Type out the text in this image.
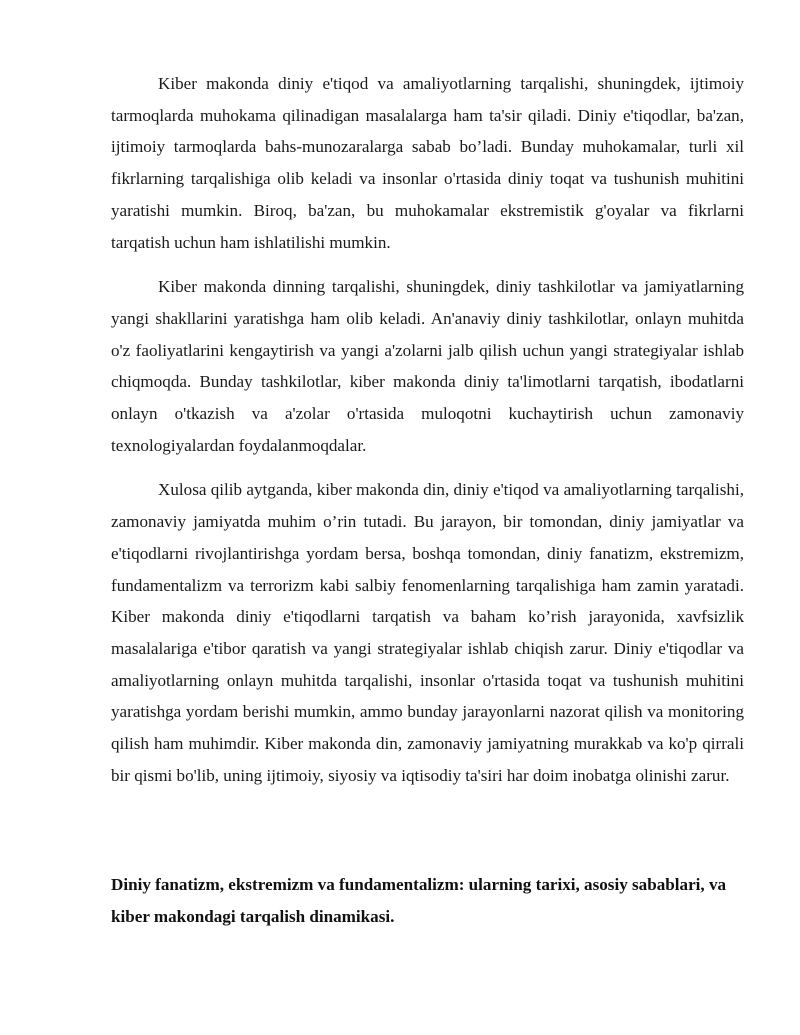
Kiber makonda diniy e'tiqod va amaliyotlarning tarqalishi, shuningdek, ijtimoiy tarmoqlarda muhokama qilinadigan masalalarga ham ta'sir qiladi. Diniy e'tiqodlar, ba'zan, ijtimoiy tarmoqlarda bahs-munozaralarga sabab bo’ladi. Bunday muhokamalar, turli xil fikrlarning tarqalishiga olib keladi va insonlar o'rtasida diniy toqat va tushunish muhitini yaratishi mumkin. Biroq, ba'zan, bu muhokamalar ekstremistik g'oyalar va fikrlarni tarqatish uchun ham ishlatilishi mumkin.

Kiber makonda dinning tarqalishi, shuningdek, diniy tashkilotlar va jamiyatlarning yangi shakllarini yaratishga ham olib keladi. An'anaviy diniy tashkilotlar, onlayn muhitda o'z faoliyatlarini kengaytirish va yangi a'zolarni jalb qilish uchun yangi strategiyalar ishlab chiqmoqda. Bunday tashkilotlar, kiber makonda diniy ta'limotlarni tarqatish, ibodatlarni onlayn o'tkazish va a'zolar o'rtasida muloqotni kuchaytirish uchun zamonaviy texnologiyalardan foydalanmoqdalar.

Xulosa qilib aytganda, kiber makonda din, diniy e'tiqod va amaliyotlarning tarqalishi, zamonaviy jamiyatda muhim o’rin tutadi. Bu jarayon, bir tomondan, diniy jamiyatlar va e'tiqodlarni rivojlantirishga yordam bersa, boshqa tomondan, diniy fanatizm, ekstremizm, fundamentalizm va terrorizm kabi salbiy fenomenlarning tarqalishiga ham zamin yaratadi. Kiber makonda diniy e'tiqodlarni tarqatish va baham ko’rish jarayonida, xavfsizlik masalalariga e'tibor qaratish va yangi strategiyalar ishlab chiqish zarur. Diniy e'tiqodlar va amaliyotlarning onlayn muhitda tarqalishi, insonlar o'rtasida toqat va tushunish muhitini yaratishga yordam berishi mumkin, ammo bunday jarayonlarni nazorat qilish va monitoring qilish ham muhimdir. Kiber makonda din, zamonaviy jamiyatning murakkab va ko'p qirrali bir qismi bo'lib, uning ijtimoiy, siyosiy va iqtisodiy ta'siri har doim inobatga olinishi zarur.

Diniy fanatizm, ekstremizm va fundamentalizm: ularning tarixi, asosiy sabablari, va kiber makondagi tarqalish dinamikasi.
